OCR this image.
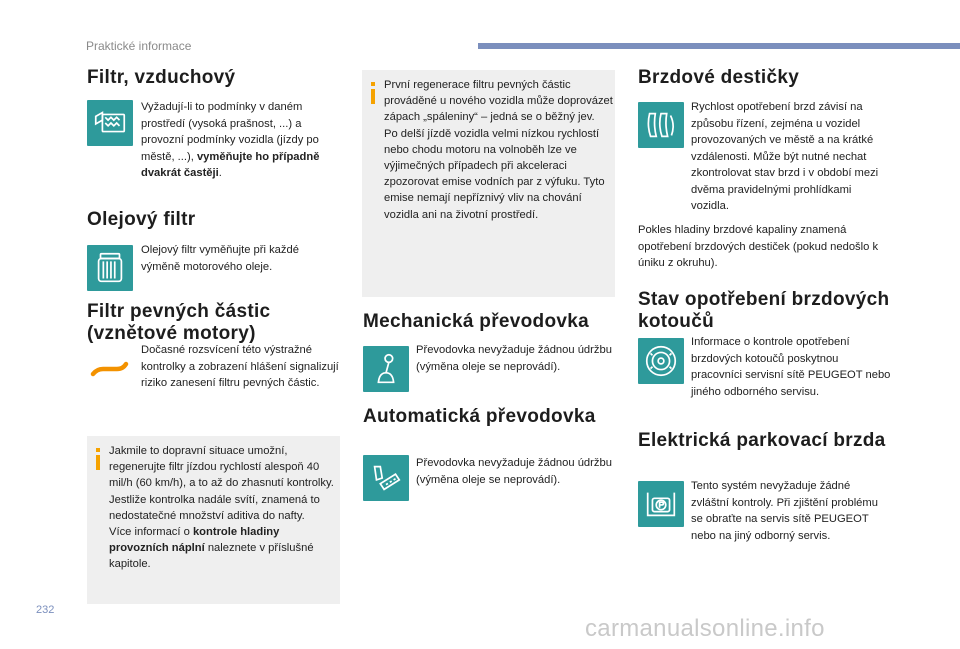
Praktické informace
Filtr, vzduchový
Vyžadují-li to podmínky v daném prostředí (vysoká prašnost, ...) a provozní podmínky vozidla (jízdy po městě, ...), vyměňujte ho případně dvakrát častěji.
Olejový filtr
Olejový filtr vyměňujte při každé výměně motorového oleje.
Filtr pevných částic
(vznětové motory)
Dočasné rozsvícení této výstražné kontrolky a zobrazení hlášení signalizují riziko zanesení filtru pevných částic.
Jakmile to dopravní situace umožní, regenerujte filtr jízdou rychlostí alespoň 40 mil/h (60 km/h), a to až do zhasnutí kontrolky.
Jestliže kontrolka nadále svítí, znamená to nedostatečné množství aditiva do nafty.
Více informací o kontrole hladiny provozních náplní naleznete v příslušné kapitole.
První regenerace filtru pevných částic prováděné u nového vozidla může doprovázet zápach „spáleniny“ – jedná se o běžný jev.
Po delší jízdě vozidla velmi nízkou rychlostí nebo chodu motoru na volnoběh lze ve výjimečných případech při akceleraci zpozorovat emise vodních par z výfuku. Tyto emise nemají nepříznivý vliv na chování vozidla ani na životní prostředí.
Mechanická převodovka
Převodovka nevyžaduje žádnou údržbu (výměna oleje se neprovádí).
Automatická převodovka
Převodovka nevyžaduje žádnou údržbu (výměna oleje se neprovádí).
Brzdové destičky
Rychlost opotřebení brzd závisí na způsobu řízení, zejména u vozidel provozovaných ve městě a na krátké vzdálenosti. Může být nutné nechat zkontrolovat stav brzd i v období mezi dvěma pravidelnými prohlídkami vozidla.
Pokles hladiny brzdové kapaliny znamená opotřebení brzdových destiček (pokud nedošlo k úniku z okruhu).
Stav opotřebení brzdových
kotoučů
Informace o kontrole opotřebení brzdových kotoučů poskytnou pracovníci servisní sítě PEUGEOT nebo jiného odborného servisu.
Elektrická parkovací brzda
Tento systém nevyžaduje žádné zvláštní kontroly. Při zjištění problému se obraťte na servis sítě PEUGEOT nebo na jiný odborný servis.
232
carmanualsonline.info
